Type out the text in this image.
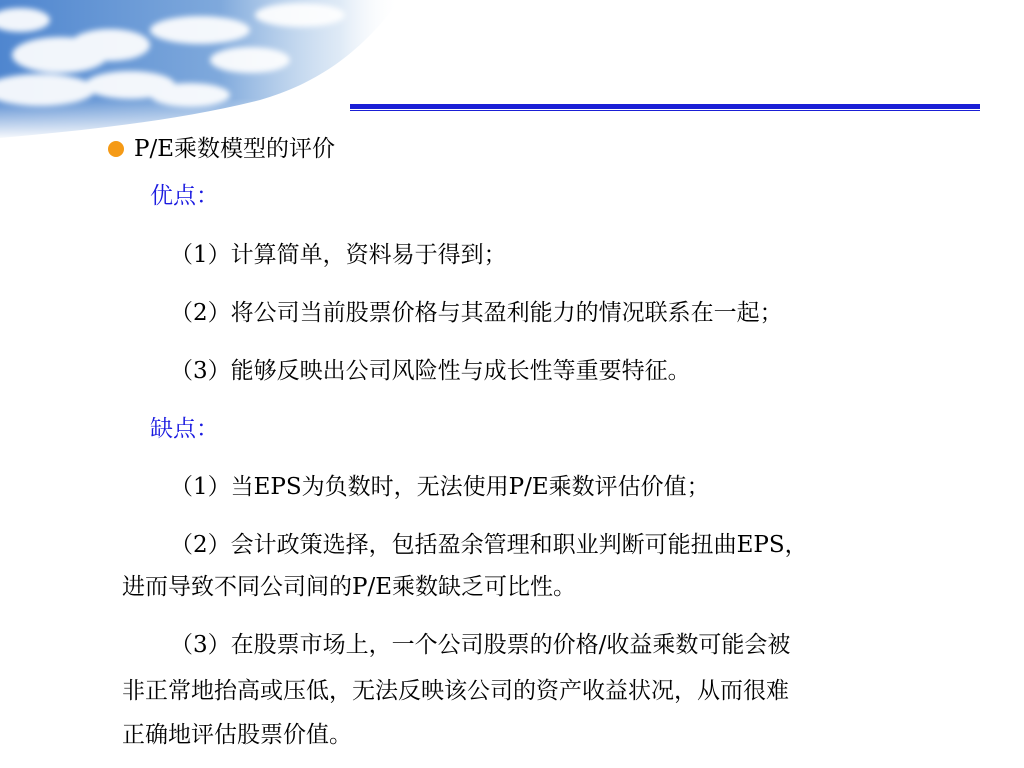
P/E乘数模型的评价
优点：
（1）计算简单，资料易于得到；
（2）将公司当前股票价格与其盈利能力的情况联系在一起；
（3）能够反映出公司风险性与成长性等重要特征。
缺点：
（1）当EPS为负数时，无法使用P/E乘数评估价值；
（2）会计政策选择，包括盈余管理和职业判断可能扭曲EPS，
进而导致不同公司间的P/E乘数缺乏可比性。
（3）在股票市场上，一个公司股票的价格/收益乘数可能会被
非正常地抬高或压低，无法反映该公司的资产收益状况，从而很难
正确地评估股票价值。
